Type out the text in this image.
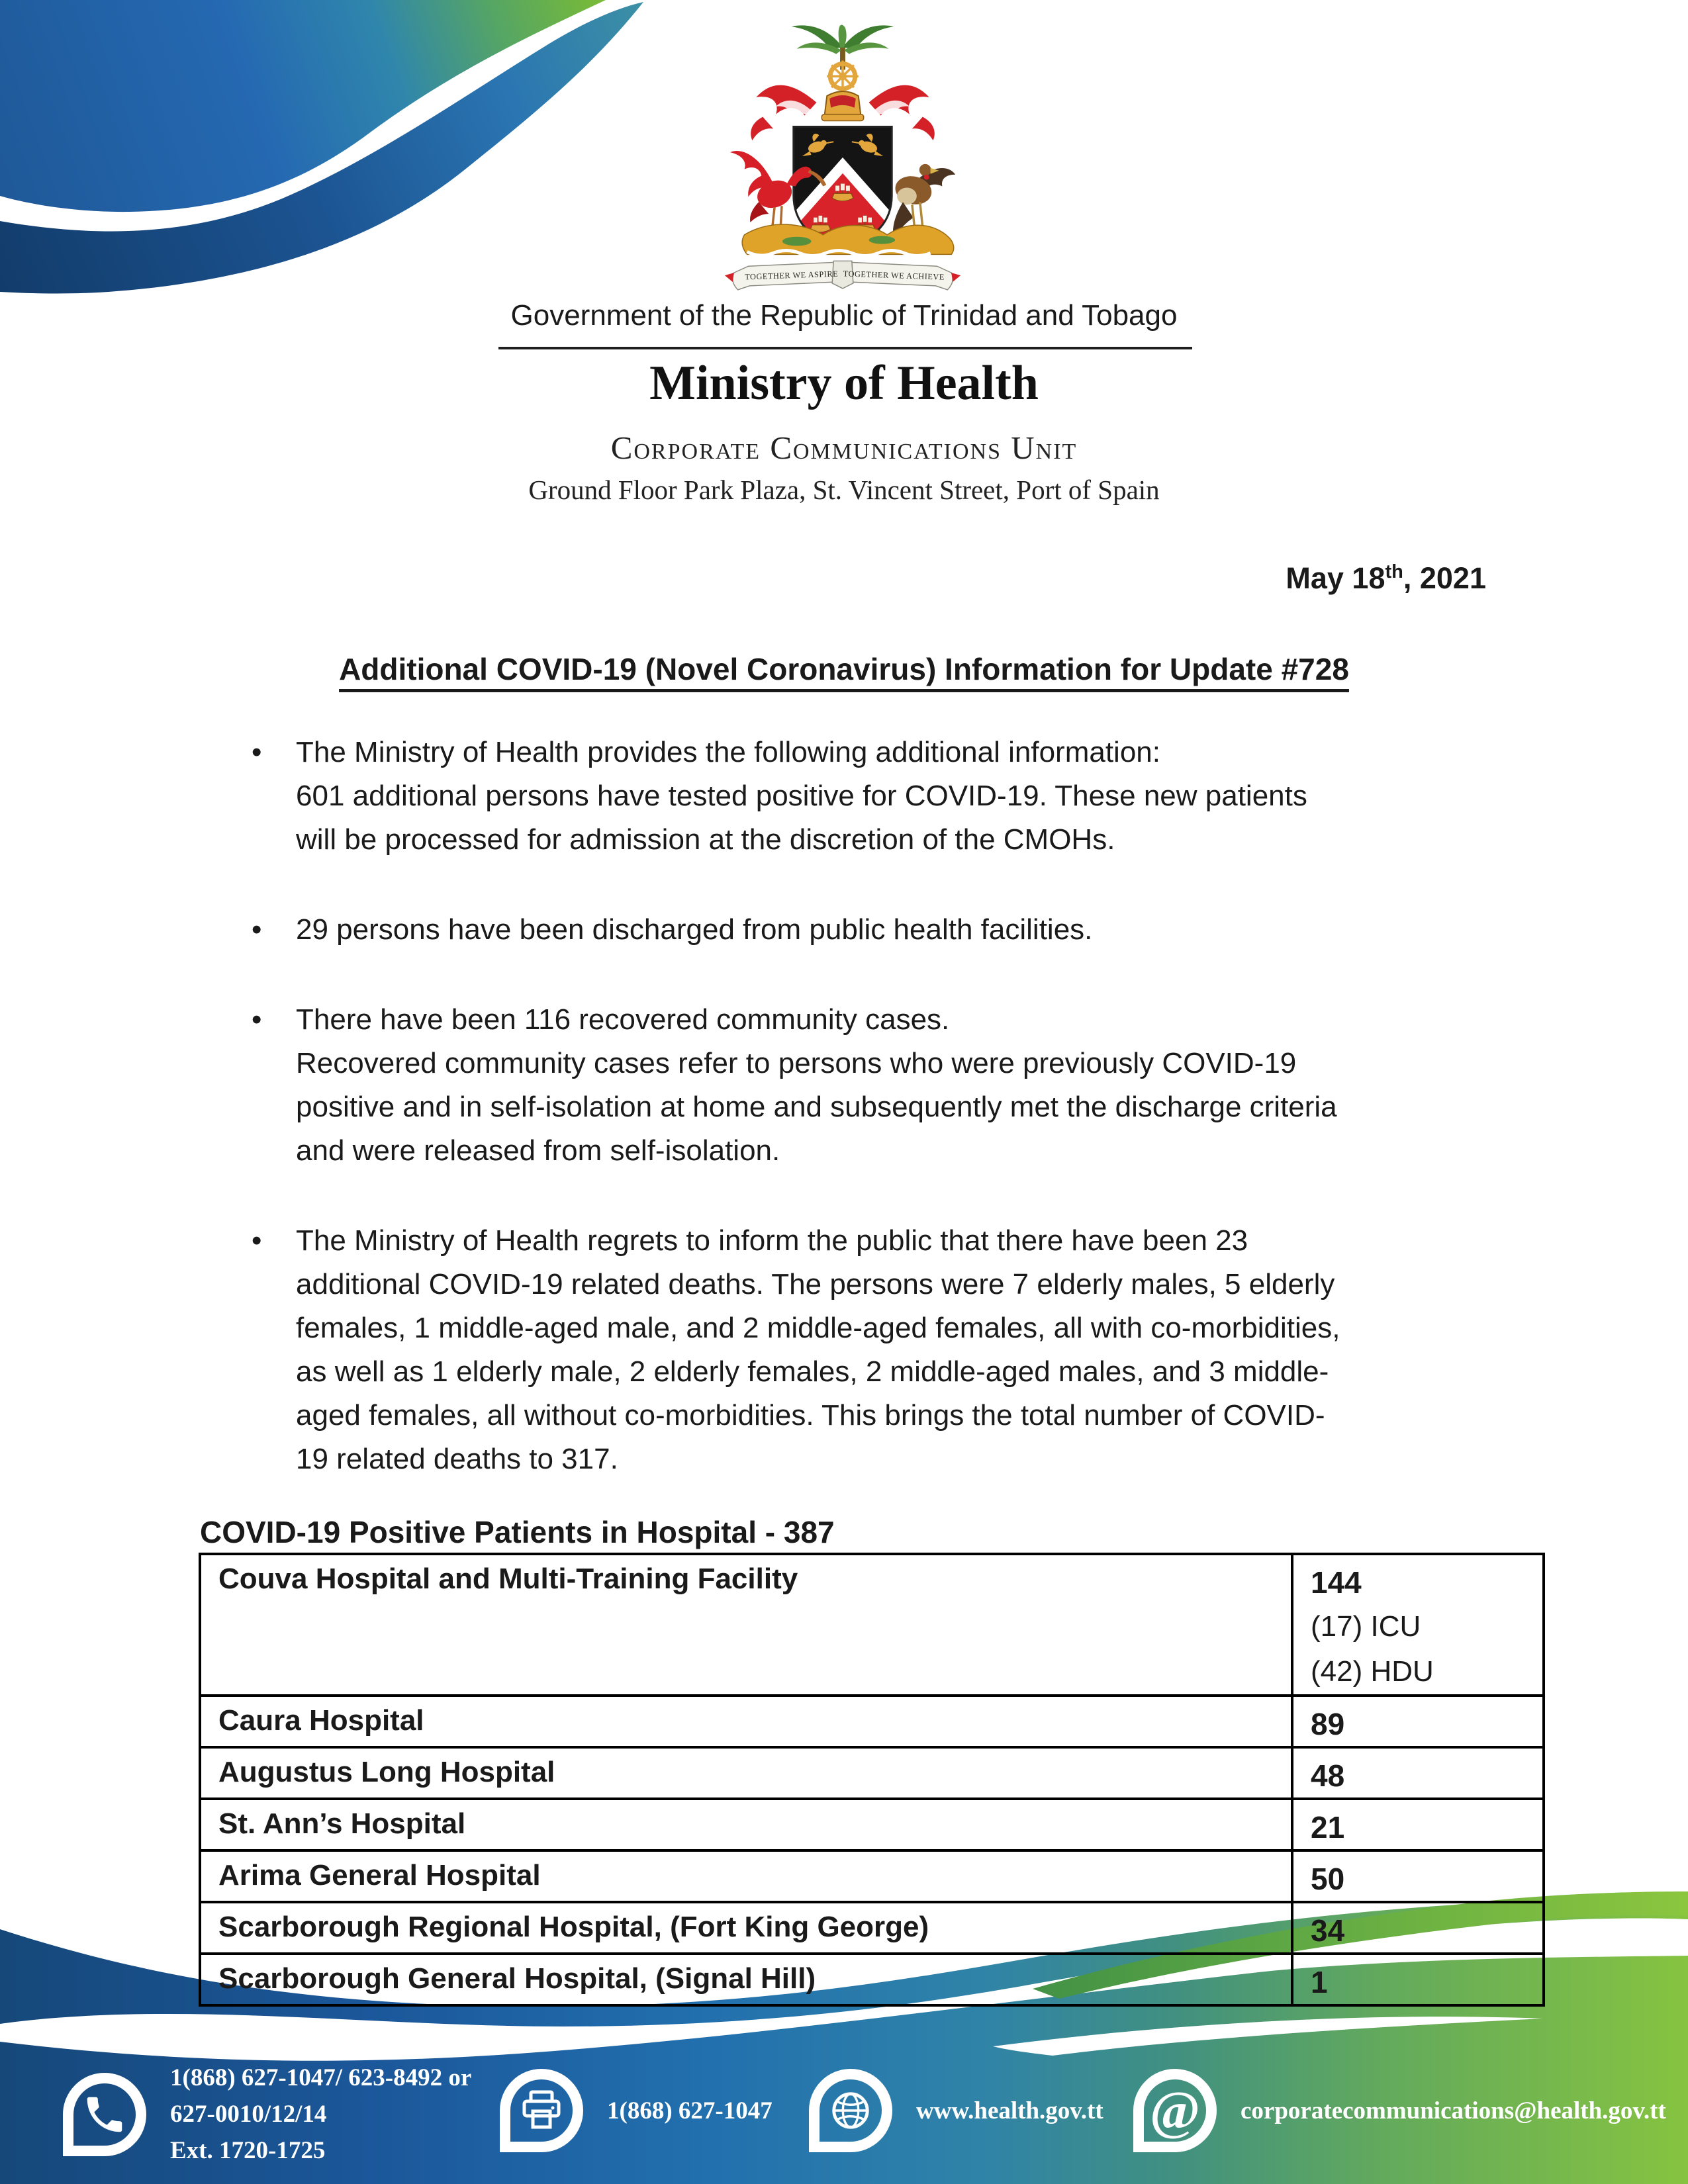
TOGETHER WE ASPIRE TOGETHER WE ACHIEVE
Government of the Republic of Trinidad and Tobago
Ministry of Health
Corporate Communications Unit
Ground Floor Park Plaza, St. Vincent Street, Port of Spain
May 18th, 2021
Additional COVID-19 (Novel Coronavirus) Information for Update #728
•	The Ministry of Health provides the following additional information:
601 additional persons have tested positive for COVID-19. These new patients
will be processed for admission at the discretion of the CMOHs.
•	29 persons have been discharged from public health facilities.
•	There have been 116 recovered community cases.
Recovered community cases refer to persons who were previously COVID-19
positive and in self-isolation at home and subsequently met the discharge criteria
and were released from self-isolation.
•	The Ministry of Health regrets to inform the public that there have been 23
additional COVID-19 related deaths. The persons were 7 elderly males, 5 elderly
females, 1 middle-aged male, and 2 middle-aged females, all with co-morbidities,
as well as 1 elderly male, 2 elderly females, 2 middle-aged males, and 3 middle-
aged females, all without co-morbidities. This brings the total number of COVID-
19 related deaths to 317.
COVID-19 Positive Patients in Hospital - 387
Couva Hospital and Multi-Training Facility	144
(17) ICU
(42) HDU

Caura Hospital	89

Augustus Long Hospital	48

St. Ann’s Hospital	21

Arima General Hospital	50

Scarborough Regional Hospital, (Fort King George)	34

Scarborough General Hospital, (Signal Hill)	1
1(868) 627-1047/ 623-8492 or
627-0010/12/14
Ext. 1720-1725
1(868) 627-1047	www.health.gov.tt @ corporatecommunications@health.gov.tt
